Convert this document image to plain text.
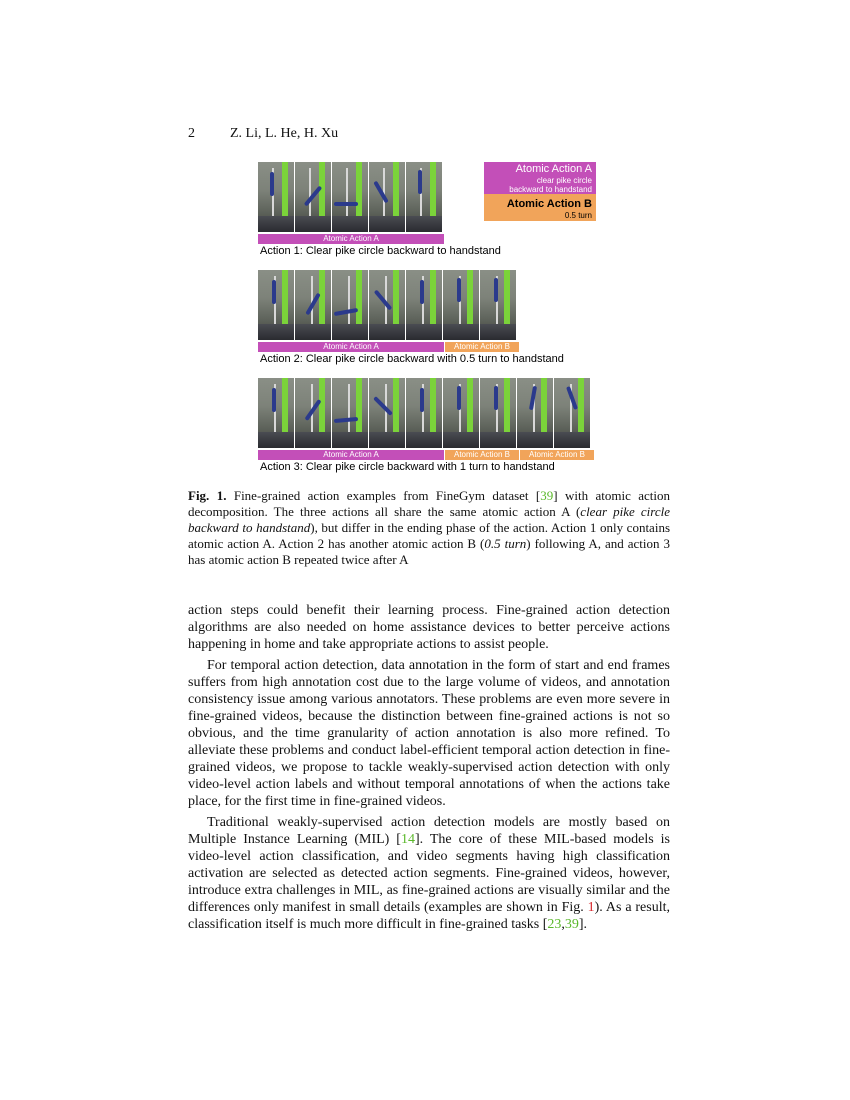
2	Z. Li, L. He, H. Xu
Atomic Action A
Action 1: Clear pike circle backward to handstand
Atomic Action A
clear pike circle
backward to handstand
Atomic Action B
0.5 turn
Atomic Action A	Atomic Action B
Action 2: Clear pike circle backward with 0.5 turn to handstand
Atomic Action A	Atomic Action B	Atomic Action B
Action 3: Clear pike circle backward with 1 turn to handstand
Fig. 1. Fine-grained action examples from FineGym dataset [39] with atomic action decomposition. The three actions all share the same atomic action A (clear pike circle backward to handstand), but differ in the ending phase of the action. Action 1 only contains atomic action A. Action 2 has another atomic action B (0.5 turn) following A, and action 3 has atomic action B repeated twice after A

action steps could benefit their learning process. Fine-grained action detection algorithms are also needed on home assistance devices to better perceive actions happening in home and take appropriate actions to assist people.

For temporal action detection, data annotation in the form of start and end frames suffers from high annotation cost due to the large volume of videos, and annotation consistency issue among various annotators. These problems are even more severe in fine-grained videos, because the distinction between fine-grained actions is not so obvious, and the time granularity of action annotation is also more refined. To alleviate these problems and conduct label-efficient temporal action detection in fine-grained videos, we propose to tackle weakly-supervised action detection with only video-level action labels and without temporal annotations of when the actions take place, for the first time in fine-grained videos.

Traditional weakly-supervised action detection models are mostly based on Multiple Instance Learning (MIL) [14]. The core of these MIL-based models is video-level action classification, and video segments having high classification activation are selected as detected action segments. Fine-grained videos, however, introduce extra challenges in MIL, as fine-grained actions are visually similar and the differences only manifest in small details (examples are shown in Fig. 1). As a result, classification itself is much more difficult in fine-grained tasks [23,39].
